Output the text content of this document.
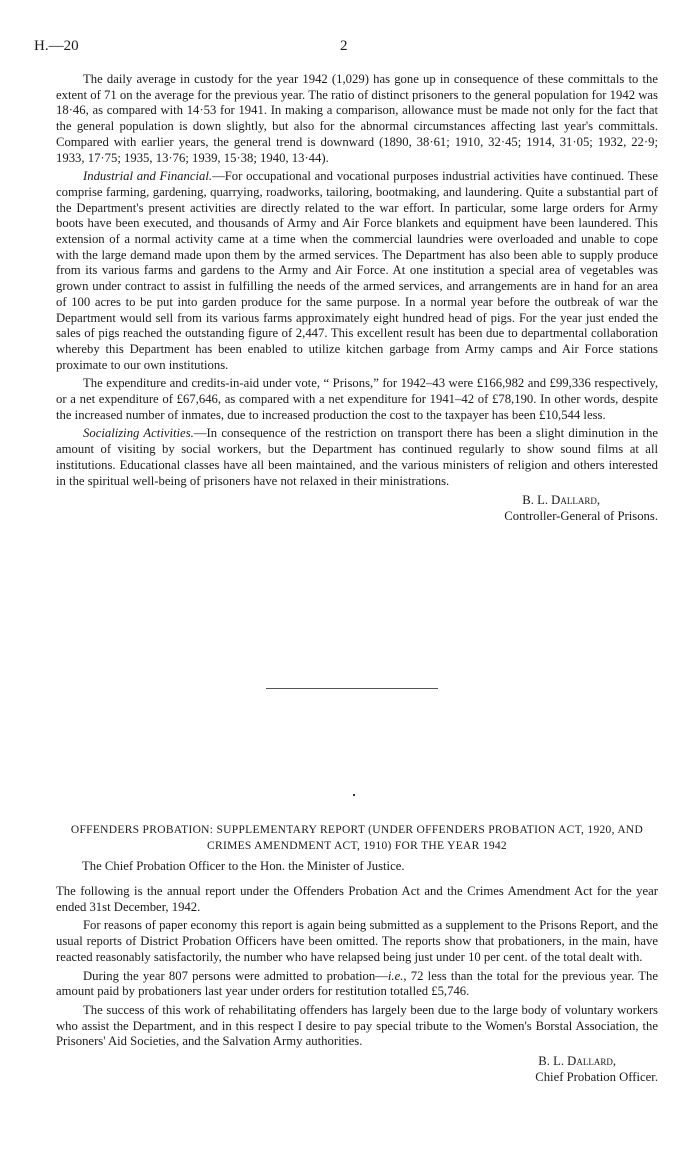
H.—20	2

The daily average in custody for the year 1942 (1,029) has gone up in consequence of these committals to the extent of 71 on the average for the previous year. The ratio of distinct prisoners to the general population for 1942 was 18·46, as compared with 14·53 for 1941. In making a comparison, allowance must be made not only for the fact that the general population is down slightly, but also for the abnormal circumstances affecting last year's committals. Compared with earlier years, the general trend is downward (1890, 38·61; 1910, 32·45; 1914, 31·05; 1932, 22·9; 1933, 17·75; 1935, 13·76; 1939, 15·38; 1940, 13·44).

Industrial and Financial.—For occupational and vocational purposes industrial activities have continued. These comprise farming, gardening, quarrying, roadworks, tailoring, bootmaking, and laundering. Quite a substantial part of the Department's present activities are directly related to the war effort. In particular, some large orders for Army boots have been executed, and thousands of Army and Air Force blankets and equipment have been laundered. This extension of a normal activity came at a time when the commercial laundries were overloaded and unable to cope with the large demand made upon them by the armed services. The Department has also been able to supply produce from its various farms and gardens to the Army and Air Force. At one institution a special area of vegetables was grown under contract to assist in fulfilling the needs of the armed services, and arrangements are in hand for an area of 100 acres to be put into garden produce for the same purpose. In a normal year before the outbreak of war the Department would sell from its various farms approximately eight hundred head of pigs. For the year just ended the sales of pigs reached the outstanding figure of 2,447. This excellent result has been due to departmental collaboration whereby this Department has been enabled to utilize kitchen garbage from Army camps and Air Force stations proximate to our own institutions.

The expenditure and credits-in-aid under vote, “ Prisons,” for 1942–43 were £166,982 and £99,336 respectively, or a net expenditure of £67,646, as compared with a net expenditure for 1941–42 of £78,190. In other words, despite the increased number of inmates, due to increased production the cost to the taxpayer has been £10,544 less.

Socializing Activities.—In consequence of the restriction on transport there has been a slight diminution in the amount of visiting by social workers, but the Department has continued regularly to show sound films at all institutions. Educational classes have all been maintained, and the various ministers of religion and others interested in the spiritual well-being of prisoners have not relaxed in their ministrations.

B. L. Dallard,
Controller-General of Prisons.
OFFENDERS PROBATION: SUPPLEMENTARY REPORT (UNDER OFFENDERS PROBATION ACT, 1920, AND CRIMES AMENDMENT ACT, 1910) FOR THE YEAR 1942
The Chief Probation Officer to the Hon. the Minister of Justice.

The following is the annual report under the Offenders Probation Act and the Crimes Amendment Act for the year ended 31st December, 1942.

For reasons of paper economy this report is again being submitted as a supplement to the Prisons Report, and the usual reports of District Probation Officers have been omitted. The reports show that probationers, in the main, have reacted reasonably satisfactorily, the number who have relapsed being just under 10 per cent. of the total dealt with.

During the year 807 persons were admitted to probation—i.e., 72 less than the total for the previous year. The amount paid by probationers last year under orders for restitution totalled £5,746.

The success of this work of rehabilitating offenders has largely been due to the large body of voluntary workers who assist the Department, and in this respect I desire to pay special tribute to the Women's Borstal Association, the Prisoners' Aid Societies, and the Salvation Army authorities.

B. L. Dallard,
Chief Probation Officer.
